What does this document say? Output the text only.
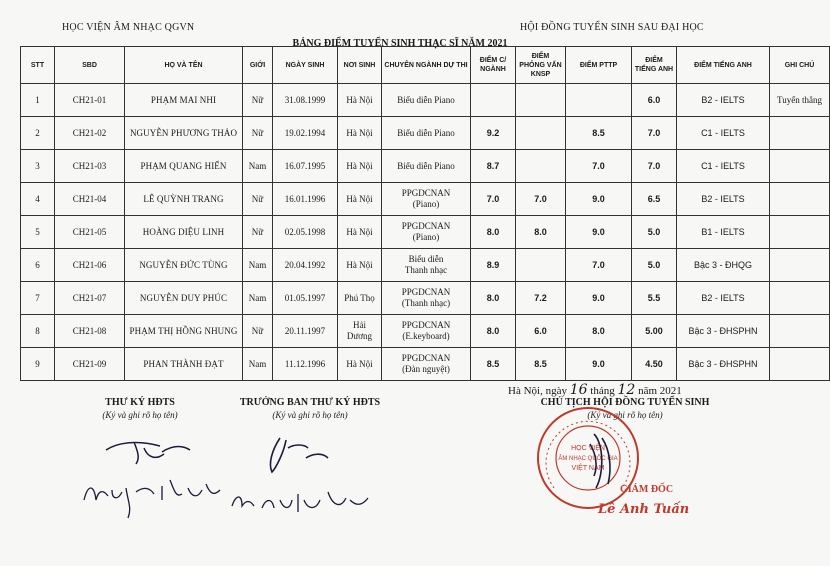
HỌC VIỆN ÂM NHẠC QGVN	HỘI ĐỒNG TUYỂN SINH SAU ĐẠI HỌC
BẢNG ĐIỂM TUYỂN SINH THẠC SĨ NĂM 2021
STT	SBD	HỌ VÀ TÊN	GIỚI	NGÀY SINH	NƠI SINH	CHUYÊN NGÀNH DỰ THI	ĐIỂM C/ NGÀNH	ĐIỂM PHỎNG VẤN KNSP	ĐIỂM PTTP	ĐIỂM TIẾNG ANH	ĐIỂM TIẾNG ANH	GHI CHÚ
1	CH21-01	PHẠM MAI NHI	Nữ	31.08.1999	Hà Nội	Biểu diễn Piano				6.0	B2 - IELTS	Tuyển thẳng
2	CH21-02	NGUYỄN PHƯƠNG THẢO	Nữ	19.02.1994	Hà Nội	Biểu diễn Piano	9.2		8.5	7.0	C1 - IELTS	
3	CH21-03	PHẠM QUANG HIỂN	Nam	16.07.1995	Hà Nội	Biểu diễn Piano	8.7		7.0	7.0	C1 - IELTS	
4	CH21-04	LÊ QUỲNH TRANG	Nữ	16.01.1996	Hà Nội	PPGDCNAN
(Piano)	7.0	7.0	9.0	6.5	B2 - IELTS	
5	CH21-05	HOÀNG DIỆU LINH	Nữ	02.05.1998	Hà Nội	PPGDCNAN
(Piano)	8.0	8.0	9.0	5.0	B1 - IELTS	
6	CH21-06	NGUYỄN ĐỨC TÙNG	Nam	20.04.1992	Hà Nội	Biểu diễn
Thanh nhạc	8.9		7.0	5.0	Bậc 3 - ĐHQG	
7	CH21-07	NGUYỄN DUY PHÚC	Nam	01.05.1997	Phú Thọ	PPGDCNAN
(Thanh nhạc)	8.0	7.2	9.0	5.5	B2 - IELTS	
8	CH21-08	PHẠM THỊ HỒNG NHUNG	Nữ	20.11.1997	Hải Dương	PPGDCNAN
(E.keyboard)	8.0	6.0	8.0	5.00	Bậc 3 - ĐHSPHN	
9	CH21-09	PHAN THÀNH ĐẠT	Nam	11.12.1996	Hà Nội	PPGDCNAN
(Đàn nguyệt)	8.5	8.5	9.0	4.50	Bậc 3 - ĐHSPHN	
Hà Nội, ngày 16 tháng 12 năm 2021
THƯ KÝ HĐTS
(Ký và ghi rõ họ tên)
TRƯỞNG BAN THƯ KÝ HĐTS
(Ký và ghi rõ họ tên)
CHỦ TỊCH HỘI ĐỒNG TUYỂN SINH
(Ký và ghi rõ họ tên)
HỌC VIỆN
ÂM NHẠC QUỐC GIA
VIỆT NAM
GIÁM ĐỐC
Lê Anh Tuấn
